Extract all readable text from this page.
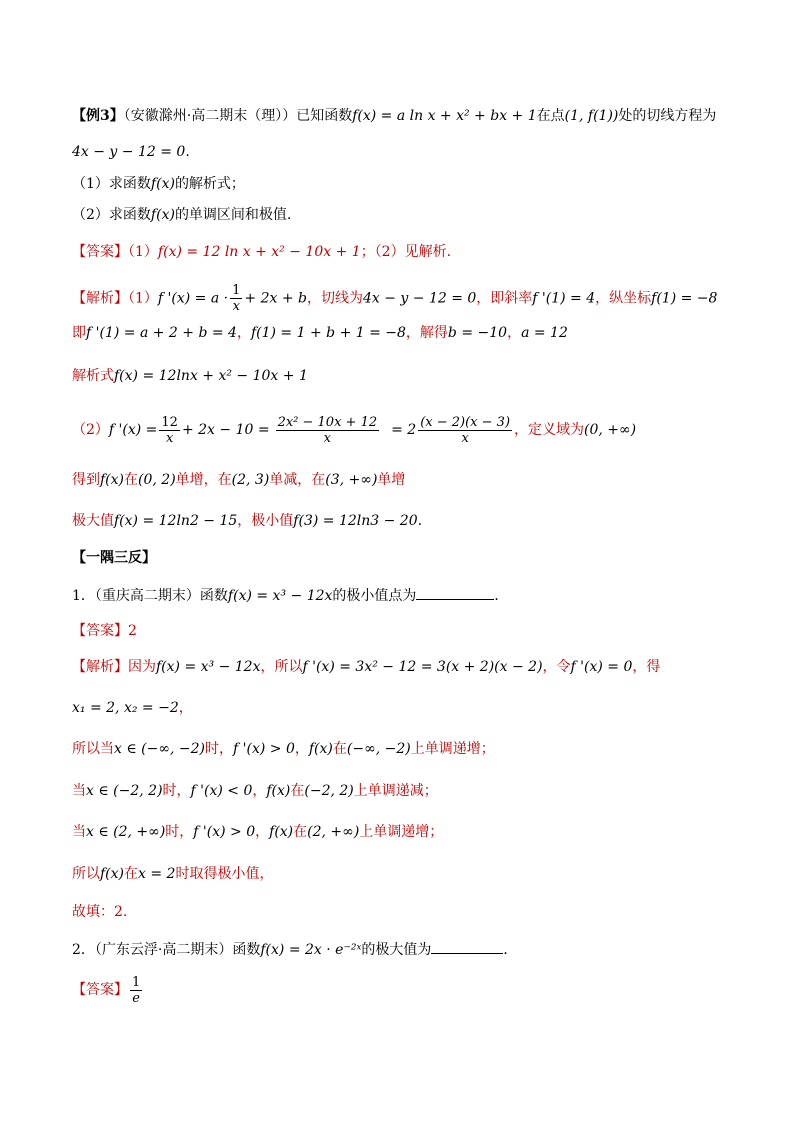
【例3】（安徽滁州·高二期末（理））已知函数f(x) = a ln x + x² + bx + 1在点(1, f(1))处的切线方程为
4x − y − 12 = 0.
（1）求函数f(x)的解析式；
（2）求函数f(x)的单调区间和极值.
【答案】（1）f(x) = 12 ln x + x² − 10x + 1；（2）见解析.
【解析】（1）f '$(x) = a \cdot \frac{1}{x} + 2x + b$，切线为4x − y − 12 = 0，即斜率f '(1) = 4，纵坐标f(1) = −8
即f '(1) = a + 2 + b = 4，f(1) = 1 + b + 1 = −8，解得b = −10，a = 12
解析式f(x) = 12lnx + x² − 10x + 1
（2）f '$(x) = \frac{12}{x} + 2x - 10 = \frac{\text{2x² − 10x + 12}}{x} = 2 \frac{(x - 2)(x - 3)}{x}$ ，定义域为(0, +∞)
得到f(x)在(0, 2)单增，在(2, 3)单减，在(3, +∞)单增
极大值f(x) = 12ln2 − 15，极小值f(3) = 12ln3 − 20.
【一隅三反】
1．（重庆高二期末）函数f(x) = x³ − 12x的极小值点为	．
【答案】2
【解析】因为f(x) = x³ − 12x，所以f '(x) = 3x² − 12 = 3(x + 2)(x − 2)，令f '(x) = 0，得
x₁ = 2, x₂ = −2，
所以当x ∈ (−∞, −2)时，f '(x) > 0，f(x)在(−∞, −2)上单调递增；
当x ∈ (−2, 2)时，f '(x) < 0，f(x)在(−2, 2)上单调递减；
当x ∈ (2, +∞)时，f '(x) > 0，f(x)在(2, +∞)上单调递增；
所以f(x)在x = 2时取得极小值，
故填：2.
2．（广东云浮·高二期末）函数f(x) = 2x · e⁻²ˣ的极大值为	．
【答案】 $\frac{1}{e}$
